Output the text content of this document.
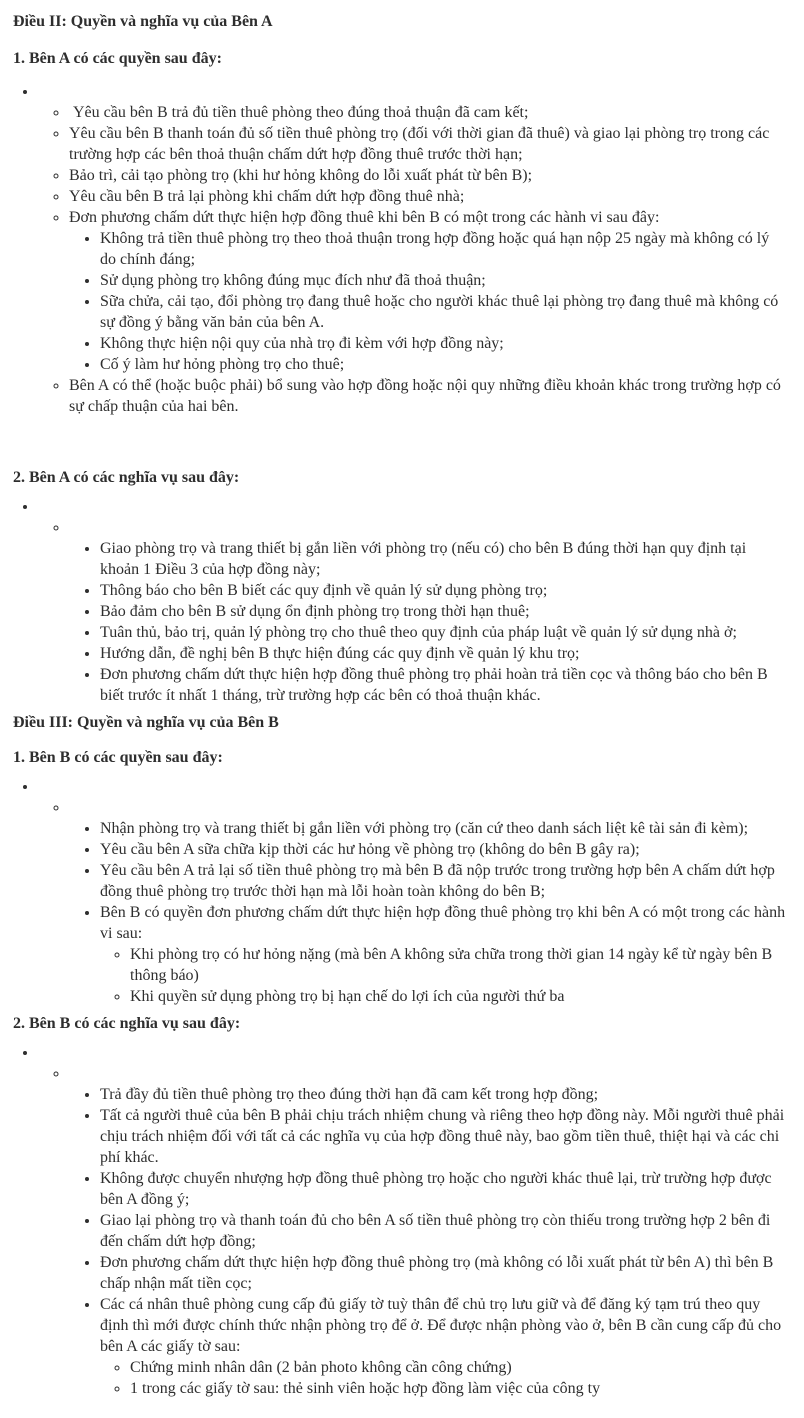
Điều II: Quyền và nghĩa vụ của Bên A

1. Bên A có các quyền sau đây:

•
◦  Yêu cầu bên B trả đủ tiền thuê phòng theo đúng thoả thuận đã cam kết;
◦ Yêu cầu bên B thanh toán đủ số tiền thuê phòng trọ (đối với thời gian đã thuê) và giao lại phòng trọ trong các trường hợp các bên thoả thuận chấm dứt hợp đồng thuê trước thời hạn;
◦ Bảo trì, cải tạo phòng trọ (khi hư hỏng không do lỗi xuất phát từ bên B);
◦ Yêu cầu bên B trả lại phòng khi chấm dứt hợp đồng thuê nhà;
◦ Đơn phương chấm dứt thực hiện hợp đồng thuê khi bên B có một trong các hành vi sau đây:
• Không trả tiền thuê phòng trọ theo thoả thuận trong hợp đồng hoặc quá hạn nộp 25 ngày mà không có lý do chính đáng;
• Sử dụng phòng trọ không đúng mục đích như đã thoả thuận;
• Sữa chửa, cải tạo, đổi phòng trọ đang thuê hoặc cho người khác thuê lại phòng trọ đang thuê mà không có sự đồng ý bằng văn bản của bên A.
• Không thực hiện nội quy của nhà trọ đi kèm với hợp đồng này;
• Cố ý làm hư hỏng phòng trọ cho thuê;
◦ Bên A có thể (hoặc buộc phải) bổ sung vào hợp đồng hoặc nội quy những điều khoản khác trong trường hợp có sự chấp thuận của hai bên.

2. Bên A có các nghĩa vụ sau đây:

•
◦
• Giao phòng trọ và trang thiết bị gắn liền với phòng trọ (nếu có) cho bên B đúng thời hạn quy định tại khoản 1 Điều 3 của hợp đồng này;
• Thông báo cho bên B biết các quy định về quản lý sử dụng phòng trọ;
• Bảo đảm cho bên B sử dụng ổn định phòng trọ trong thời hạn thuê;
• Tuân thủ, bảo trị, quản lý phòng trọ cho thuê theo quy định của pháp luật về quản lý sử dụng nhà ở;
• Hướng dẫn, đề nghị bên B thực hiện đúng các quy định về quản lý khu trọ;
• Đơn phương chấm dứt thực hiện hợp đồng thuê phòng trọ phải hoàn trả tiền cọc và thông báo cho bên B biết trước ít nhất 1 tháng, trừ trường hợp các bên có thoả thuận khác.

Điều III: Quyền và nghĩa vụ của Bên B

1. Bên B có các quyền sau đây:

•
◦
• Nhận phòng trọ và trang thiết bị gắn liền với phòng trọ (căn cứ theo danh sách liệt kê tài sản đi kèm);
• Yêu cầu bên A sữa chữa kịp thời các hư hỏng về phòng trọ (không do bên B gây ra);
• Yêu cầu bên A trả lại số tiền thuê phòng trọ mà bên B đã nộp trước trong trường hợp bên A chấm dứt hợp đồng thuê phòng trọ trước thời hạn mà lỗi hoàn toàn không do bên B;
• Bên B có quyền đơn phương chấm dứt thực hiện hợp đồng thuê phòng trọ khi bên A có một trong các hành vi sau:
◦ Khi phòng trọ có hư hỏng nặng (mà bên A không sửa chữa trong thời gian 14 ngày kể từ ngày bên B thông báo)
◦ Khi quyền sử dụng phòng trọ bị hạn chế do lợi ích của người thứ ba

2. Bên B có các nghĩa vụ sau đây:

•
◦
• Trả đầy đủ tiền thuê phòng trọ theo đúng thời hạn đã cam kết trong hợp đồng;
• Tất cả người thuê của bên B phải chịu trách nhiệm chung và riêng theo hợp đồng này. Mỗi người thuê phải chịu trách nhiệm đối với tất cả các nghĩa vụ của hợp đồng thuê này, bao gồm tiền thuê, thiệt hại và các chi phí khác.
• Không được chuyển nhượng hợp đồng thuê phòng trọ hoặc cho người khác thuê lại, trừ trường hợp được bên A đồng ý;
• Giao lại phòng trọ và thanh toán đủ cho bên A số tiền thuê phòng trọ còn thiếu trong trường hợp 2 bên đi đến chấm dứt hợp đồng;
• Đơn phương chấm dứt thực hiện hợp đồng thuê phòng trọ (mà không có lỗi xuất phát từ bên A) thì bên B chấp nhận mất tiền cọc;
• Các cá nhân thuê phòng cung cấp đủ giấy tờ tuỳ thân để chủ trọ lưu giữ và để đăng ký tạm trú theo quy định thì mới được chính thức nhận phòng trọ để ở. Để được nhận phòng vào ở, bên B cần cung cấp đủ cho bên A các giấy tờ sau:
◦ Chứng minh nhân dân (2 bản photo không cần công chứng)
◦ 1 trong các giấy tờ sau: thẻ sinh viên hoặc hợp đồng làm việc của công ty
